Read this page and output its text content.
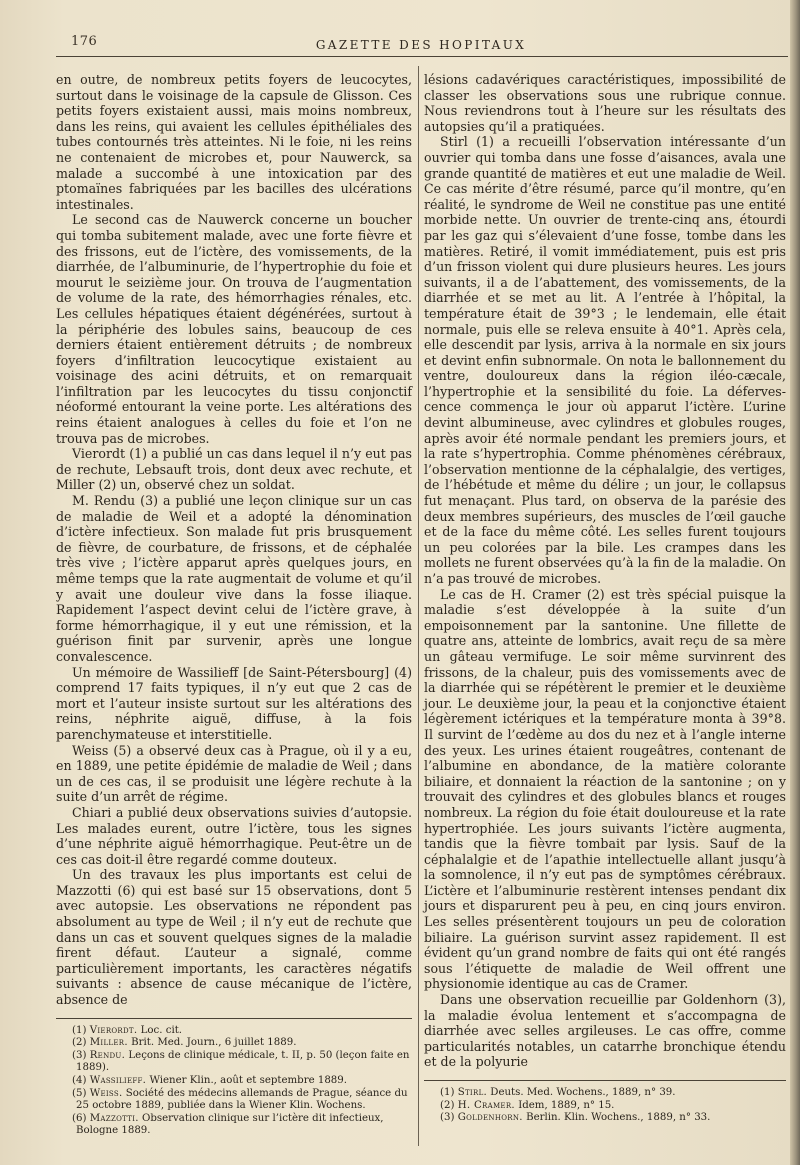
176	GAZETTE DES HOPITAUX

en outre, de nombreux petits foyers de leucocytes, surtout dans le voisinage de la capsule de Glisson. Ces petits foyers existaient aussi, mais moins nombreux, dans les reins, qui avaient les cellules épithéliales des tubes contournés très atteintes. Ni le foie, ni les reins ne contenaient de microbes et, pour Nauwerck, sa malade a succombé à une intoxication par des ptomaïnes fabriquées par les bacilles des ulcérations intestinales.

Le second cas de Nauwerck concerne un boucher qui tomba subitement malade, avec une forte fièvre et des frissons, eut de l’ictère, des vomissements, de la diarrhée, de l’albuminurie, de l’hypertrophie du foie et mourut le seizième jour. On trouva de l’augmentation de volume de la rate, des hémorrhagies rénales, etc. Les cellules hépatiques étaient dégénérées, surtout à la périphérie des lobules sains, beaucoup de ces derniers étaient entièrement détruits ; de nombreux foyers d’infiltration leucocytique existaient au voisinage des acini détruits, et on remarquait l’infiltration par les leucocytes du tissu conjonctif néoformé entourant la veine porte. Les altérations des reins étaient analogues à celles du foie et l’on ne trouva pas de microbes.

Vierordt (1) a publié un cas dans lequel il n’y eut pas de rechute, Lebsauft trois, dont deux avec rechute, et Miller (2) un, observé chez un soldat.

M. Rendu (3) a publié une leçon clinique sur un cas de maladie de Weil et a adopté la dénomination d’ictère infectieux. Son malade fut pris brusquement de fièvre, de courbature, de frissons, et de céphalée très vive ; l’ictère apparut après quelques jours, en même temps que la rate augmentait de volume et qu’il y avait une douleur vive dans la fosse iliaque. Rapidement l’aspect devint celui de l’ictère grave, à forme hémorrhagique, il y eut une rémission, et la guérison finit par survenir, après une longue convalescence.

Un mémoire de Wassilieff [de Saint-Pétersbourg] (4) comprend 17 faits typiques, il n’y eut que 2 cas de mort et l’auteur insiste surtout sur les altérations des reins, néphrite aiguë, diffuse, à la fois parenchymateuse et interstitielle.

Weiss (5) a observé deux cas à Prague, où il y a eu, en 1889, une petite épidémie de maladie de Weil ; dans un de ces cas, il se produisit une légère rechute à la suite d’un arrêt de régime.

Chiari a publié deux observations suivies d’autopsie. Les malades eurent, outre l’ictère, tous les signes d’une néphrite aiguë hémorrhagique. Peut-être un de ces cas doit-il être regardé comme douteux.

Un des travaux les plus importants est celui de Mazzotti (6) qui est basé sur 15 observations, dont 5 avec autopsie. Les observations ne répondent pas absolument au type de Weil ; il n’y eut de rechute que dans un cas et souvent quelques signes de la maladie firent défaut. L’auteur a signalé, comme particulièrement importants, les caractères négatifs suivants : absence de cause mécanique de l’ictère, absence de

(1) Vierordt. Loc. cit.

(2) Miller. Brit. Med. Journ., 6 juillet 1889.

(3) Rendu. Leçons de clinique médicale, t. II, p. 50 (leçon faite en 1889).

(4) Wassilieff. Wiener Klin., août et septembre 1889.

(5) Weiss. Société des médecins allemands de Prague, séance du 25 octobre 1889, publiée dans la Wiener Klin. Wochens.

(6) Mazzotti. Observation clinique sur l’ictère dit infectieux, Bologne 1889.

lésions cadavériques caractéristiques, impossibilité de classer les observations sous une rubrique connue. Nous reviendrons tout à l’heure sur les résultats des autopsies qu’il a pratiquées.

Stirl (1) a recueilli l’observation intéressante d’un ouvrier qui tomba dans une fosse d’aisances, avala une grande quantité de matières et eut une maladie de Weil. Ce cas mérite d’être résumé, parce qu’il montre, qu’en réalité, le syndrome de Weil ne constitue pas une entité morbide nette. Un ouvrier de trente-cinq ans, étourdi par les gaz qui s’élevaient d’une fosse, tombe dans les matières. Retiré, il vomit immédiatement, puis est pris d’un frisson violent qui dure plusieurs heures. Les jours suivants, il a de l’abattement, des vomissements, de la diarrhée et se met au lit. A l’entrée à l’hôpital, la température était de 39°3 ; le lendemain, elle était normale, puis elle se releva ensuite à 40°1. Après cela, elle descendit par lysis, arriva à la normale en six jours et devint enfin subnormale. On nota le ballonnement du ventre, douloureux dans la région iléo-cæcale, l’hypertrophie et la sensibilité du foie. La déferves-cence commença le jour où apparut l’ictère. L’urine devint albumineuse, avec cylindres et globules rouges, après avoir été normale pendant les premiers jours, et la rate s’hypertrophia. Comme phénomènes cérébraux, l’observation mentionne de la céphalalgie, des vertiges, de l’hébétude et même du délire ; un jour, le collapsus fut menaçant. Plus tard, on observa de la parésie des deux membres supérieurs, des muscles de l’œil gauche et de la face du même côté. Les selles furent toujours un peu colorées par la bile. Les crampes dans les mollets ne furent observées qu’à la fin de la maladie. On n’a pas trouvé de microbes.

Le cas de H. Cramer (2) est très spécial puisque la maladie s’est développée à la suite d’un empoisonnement par la santonine. Une fillette de quatre ans, atteinte de lombrics, avait reçu de sa mère un gâteau vermifuge. Le soir même survinrent des frissons, de la chaleur, puis des vomissements avec de la diarrhée qui se répétèrent le premier et le deuxième jour. Le deuxième jour, la peau et la conjonctive étaient légèrement ictériques et la température monta à 39°8. Il survint de l’œdème au dos du nez et à l’angle interne des yeux. Les urines étaient rougeâtres, contenant de l’albumine en abondance, de la matière colorante biliaire, et donnaient la réaction de la santonine ; on y trouvait des cylindres et des globules blancs et rouges nombreux. La région du foie était douloureuse et la rate hypertrophiée. Les jours suivants l’ictère augmenta, tandis que la fièvre tombait par lysis. Sauf de la céphalalgie et de l’apathie intellectuelle allant jusqu’à la somnolence, il n’y eut pas de symptômes cérébraux. L’ictère et l’albuminurie restèrent intenses pendant dix jours et disparurent peu à peu, en cinq jours environ. Les selles présentèrent toujours un peu de coloration biliaire. La guérison survint assez rapidement. Il est évident qu’un grand nombre de faits qui ont été rangés sous l’étiquette de maladie de Weil offrent une physionomie identique au cas de Cramer.

Dans une observation recueillie par Goldenhorn (3), la maladie évolua lentement et s’accompagna de diarrhée avec selles argileuses. Le cas offre, comme particularités notables, un catarrhe bronchique étendu et de la polyurie

(1) Stirl. Deuts. Med. Wochens., 1889, n° 39.

(2) H. Cramer. Idem, 1889, n° 15.

(3) Goldenhorn. Berlin. Klin. Wochens., 1889, n° 33.
